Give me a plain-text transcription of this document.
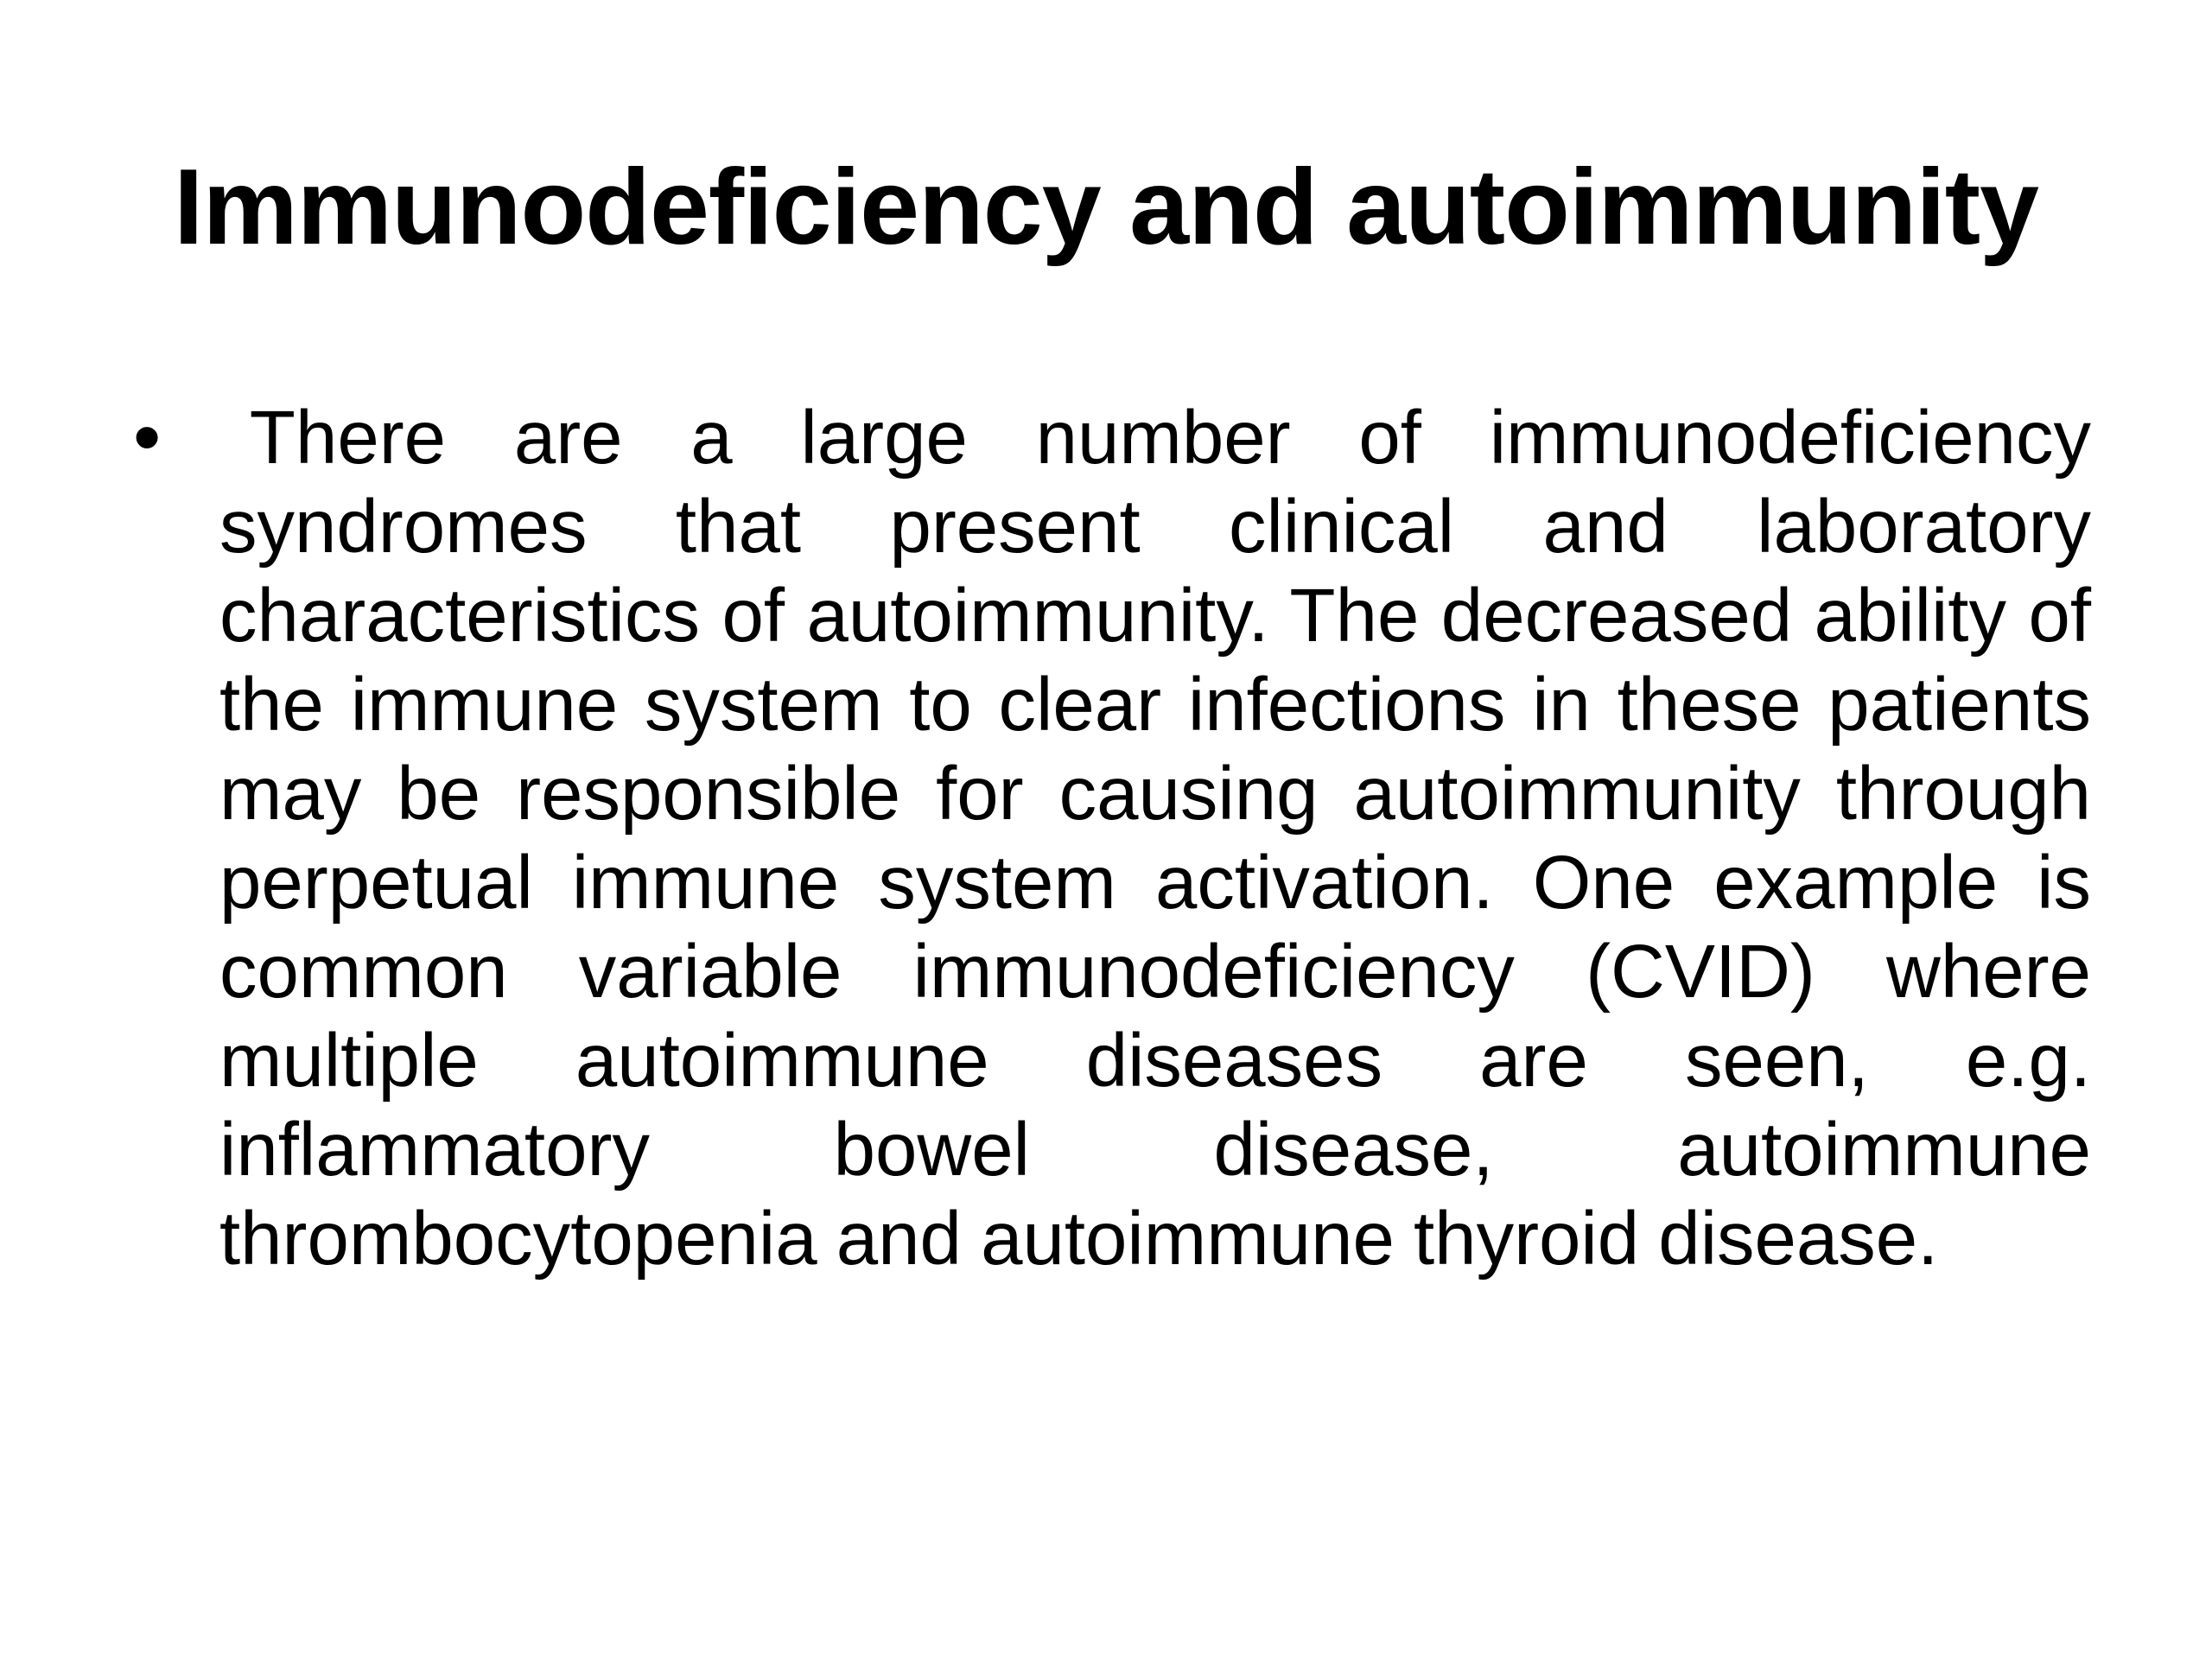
Immunodeficiency and autoimmunity
•	There are a large number of immunodeficiency syndromes that present clinical and laboratory characteristics of autoimmunity. The decreased ability of the immune system to clear infections in these patients may be responsible for causing autoimmunity through perpetual immune system activation. One example is common variable immunodeficiency (CVID) where multiple autoimmune diseases are seen, e.g. inflammatory bowel disease, autoimmune thrombocytopenia and autoimmune thyroid disease.
